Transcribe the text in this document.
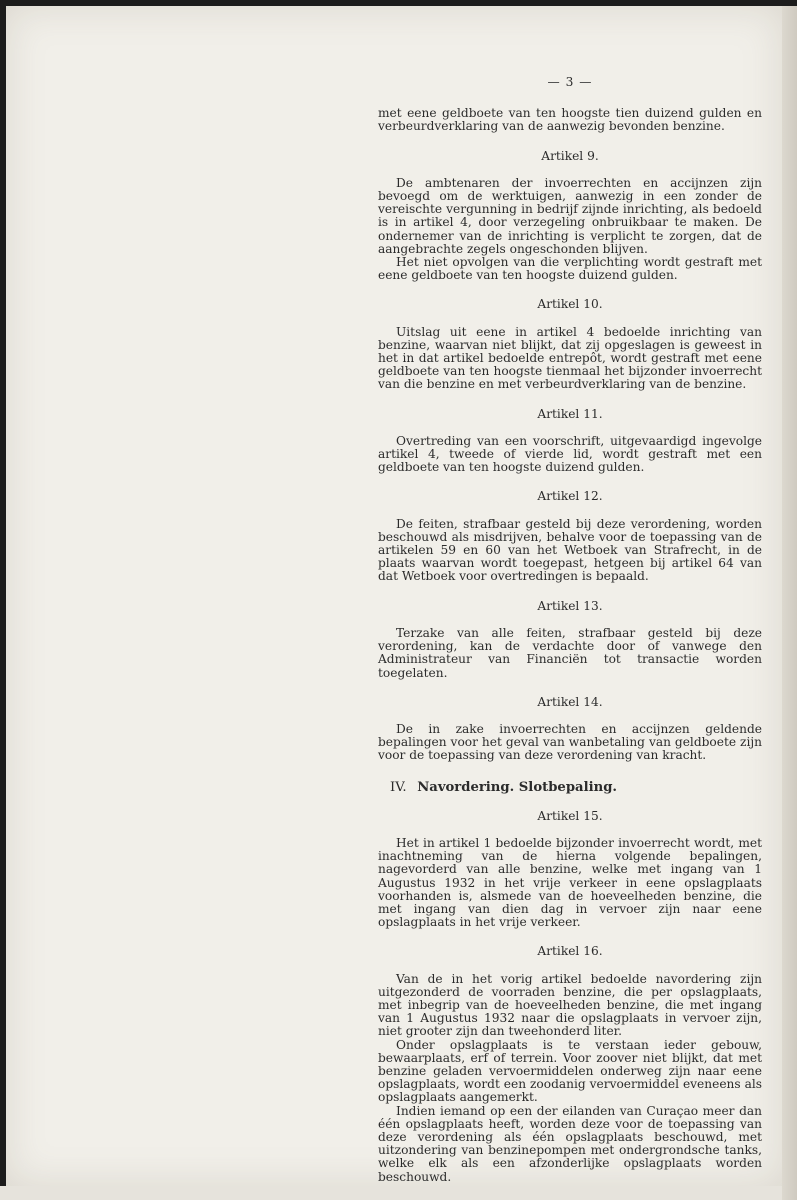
— 3 —

met eene geldboete van ten hoogste tien duizend gulden en verbeurdverklaring van de aanwezig bevonden benzine.

Artikel 9.

De ambtenaren der invoerrechten en accijnzen zijn bevoegd om de werktuigen, aanwezig in een zonder de vereischte vergunning in bedrijf zijnde inrichting, als bedoeld is in artikel 4, door verzegeling onbruikbaar te maken. De ondernemer van de inrichting is verplicht te zorgen, dat de aangebrachte zegels ongeschonden blijven.

Het niet opvolgen van die verplichting wordt gestraft met eene geldboete van ten hoogste duizend gulden.

Artikel 10.

Uitslag uit eene in artikel 4 bedoelde inrichting van benzine, waarvan niet blijkt, dat zij opgeslagen is geweest in het in dat artikel bedoelde entrepôt, wordt gestraft met eene geldboete van ten hoogste tienmaal het bijzonder invoerrecht van die benzine en met verbeurdverklaring van de benzine.

Artikel 11.

Overtreding van een voorschrift, uitgevaardigd ingevolge artikel 4, tweede of vierde lid, wordt gestraft met een geldboete van ten hoogste duizend gulden.

Artikel 12.

De feiten, strafbaar gesteld bij deze verordening, worden beschouwd als misdrijven, behalve voor de toepassing van de artikelen 59 en 60 van het Wetboek van Strafrecht, in de plaats waarvan wordt toegepast, hetgeen bij artikel 64 van dat Wetboek voor overtredingen is bepaald.

Artikel 13.

Terzake van alle feiten, strafbaar gesteld bij deze verordening, kan de verdachte door of vanwege den Administrateur van Financiën tot transactie worden toegelaten.

Artikel 14.

De in zake invoerrechten en accijnzen geldende bepalingen voor het geval van wanbetaling van geldboete zijn voor de toepassing van deze verordening van kracht.

IV. Navordering. Slotbepaling.
Artikel 15.

Het in artikel 1 bedoelde bijzonder invoerrecht wordt, met inachtneming van de hierna volgende bepalingen, nagevorderd van alle benzine, welke met ingang van 1 Augustus 1932 in het vrije verkeer in eene opslagplaats voorhanden is, alsmede van de hoeveelheden benzine, die met ingang van dien dag in vervoer zijn naar eene opslagplaats in het vrije verkeer.

Artikel 16.

Van de in het vorig artikel bedoelde navordering zijn uitgezonderd de voorraden benzine, die per opslagplaats, met inbegrip van de hoeveelheden benzine, die met ingang van 1 Augustus 1932 naar die opslagplaats in vervoer zijn, niet grooter zijn dan tweehonderd liter.

Onder opslagplaats is te verstaan ieder gebouw, bewaarplaats, erf of terrein. Voor zoover niet blijkt, dat met benzine geladen vervoermiddelen onderweg zijn naar eene opslagplaats, wordt een zoodanig vervoermiddel eveneens als opslagplaats aangemerkt.

Indien iemand op een der eilanden van Curaçao meer dan één opslagplaats heeft, worden deze voor de toepassing van deze verordening als één opslagplaats beschouwd, met uitzondering van benzinepompen met ondergrondsche tanks, welke elk als een afzonderlijke opslagplaats worden beschouwd.
